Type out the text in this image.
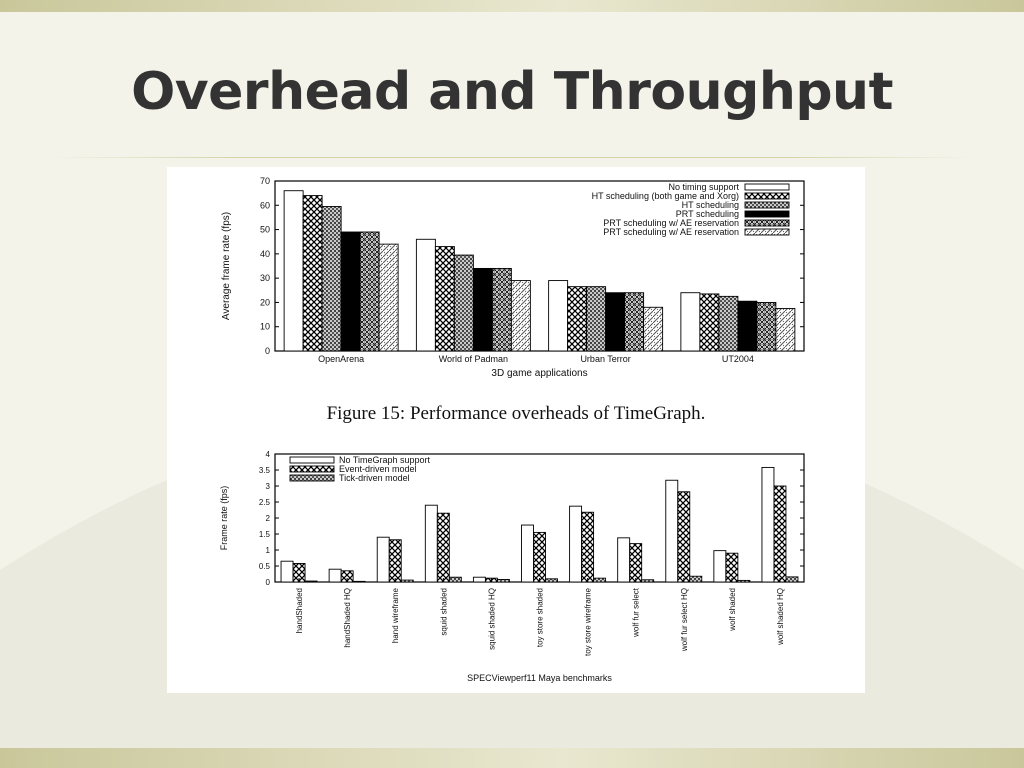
Overhead and Throughput
0
10
20
30
40
50
60
70
Average frame rate (fps)
OpenArena	World of Padman	Urban Terror	UT2004
3D game applications
No timing support
HT scheduling (both game and Xorg)
HT scheduling
PRT scheduling
PRT scheduling w/ AE reservation
PRT scheduling w/ AE reservation
Figure 15: Performance overheads of TimeGraph.
0
0.5
1
1.5
2
2.5
3
3.5
4
Frame rate (fps)
handShaded	handShaded HQ	hand wireframe	squid shaded	squid shaded HQ	toy store shaded	toy store wireframe	wolf fur select	wolf fur select HQ	wolf shaded	wolf shaded HQ
SPECViewperf11 Maya benchmarks
No TimeGraph support
Event-driven model
Tick-driven model
